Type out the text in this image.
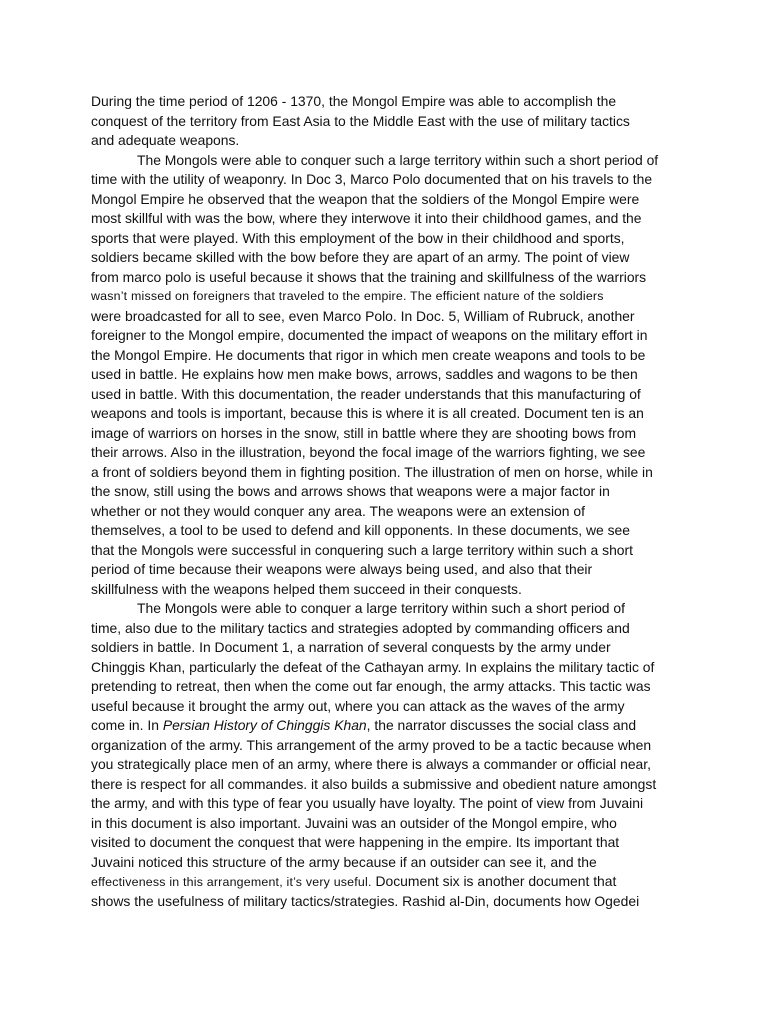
During the time period of 1206 - 1370, the Mongol Empire was able to accomplish the
conquest of the territory from East Asia to the Middle East with the use of military tactics
and adequate weapons.
The Mongols were able to conquer such a large territory within such a short period of
time with the utility of weaponry. In Doc 3, Marco Polo documented that on his travels to the
Mongol Empire he observed that the weapon that the soldiers of the Mongol Empire were
most skillful with was the bow, where they interwove it into their childhood games, and the
sports that were played. With this employment of the bow in their childhood and sports,
soldiers became skilled with the bow before they are apart of an army. The point of view
from marco polo is useful because it shows that the training and skillfulness of the warriors
wasn’t missed on foreigners that traveled to the empire. The efficient nature of the soldiers
were broadcasted for all to see, even Marco Polo. In Doc. 5, William of Rubruck, another
foreigner to the Mongol empire, documented the impact of weapons on the military effort in
the Mongol Empire. He documents that rigor in which men create weapons and tools to be
used in battle. He explains how men make bows, arrows, saddles and wagons to be then
used in battle. With this documentation, the reader understands that this manufacturing of
weapons and tools is important, because this is where it is all created. Document ten is an
image of warriors on horses in the snow, still in battle where they are shooting bows from
their arrows. Also in the illustration, beyond the focal image of the warriors fighting, we see
a front of soldiers beyond them in fighting position. The illustration of men on horse, while in
the snow, still using the bows and arrows shows that weapons were a major factor in
whether or not they would conquer any area. The weapons were an extension of
themselves, a tool to be used to defend and kill opponents. In these documents, we see
that the Mongols were successful in conquering such a large territory within such a short
period of time because their weapons were always being used, and also that their
skillfulness with the weapons helped them succeed in their conquests.
The Mongols were able to conquer a large territory within such a short period of
time, also due to the military tactics and strategies adopted by commanding officers and
soldiers in battle. In Document 1, a narration of several conquests by the army under
Chinggis Khan, particularly the defeat of the Cathayan army. In explains the military tactic of
pretending to retreat, then when the come out far enough, the army attacks. This tactic was
useful because it brought the army out, where you can attack as the waves of the army
come in. In Persian History of Chinggis Khan, the narrator discusses the social class and
organization of the army. This arrangement of the army proved to be a tactic because when
you strategically place men of an army, where there is always a commander or official near,
there is respect for all commandes. it also builds a submissive and obedient nature amongst
the army, and with this type of fear you usually have loyalty. The point of view from Juvaini
in this document is also important. Juvaini was an outsider of the Mongol empire, who
visited to document the conquest that were happening in the empire. Its important that
Juvaini noticed this structure of the army because if an outsider can see it, and the
effectiveness in this arrangement, it’s very useful. Document six is another document that
shows the usefulness of military tactics/strategies. Rashid al-Din, documents how Ogedei
